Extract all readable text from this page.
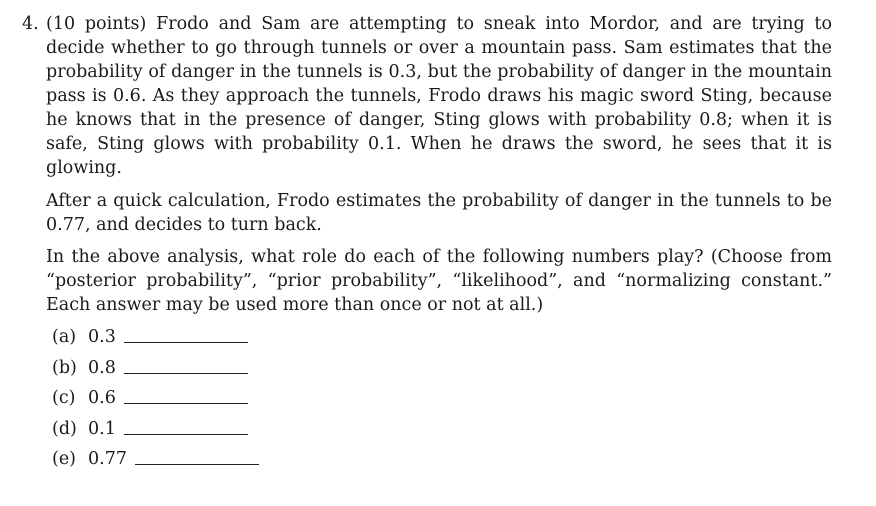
4. (10 points) Frodo and Sam are attempting to sneak into Mordor, and are trying to decide whether to go through tunnels or over a mountain pass. Sam estimates that the probability of danger in the tunnels is 0.3, but the probability of danger in the mountain pass is 0.6. As they approach the tunnels, Frodo draws his magic sword Sting, because he knows that in the presence of danger, Sting glows with probability 0.8; when it is safe, Sting glows with probability 0.1. When he draws the sword, he sees that it is glowing.

After a quick calculation, Frodo estimates the probability of danger in the tunnels to be 0.77, and decides to turn back.

In the above analysis, what role do each of the following numbers play? (Choose from “posterior probability”, “prior probability”, “likelihood”, and “normalizing constant.” Each answer may be used more than once or not at all.)

(a) 0.3
(b) 0.8
(c) 0.6
(d) 0.1
(e) 0.77
